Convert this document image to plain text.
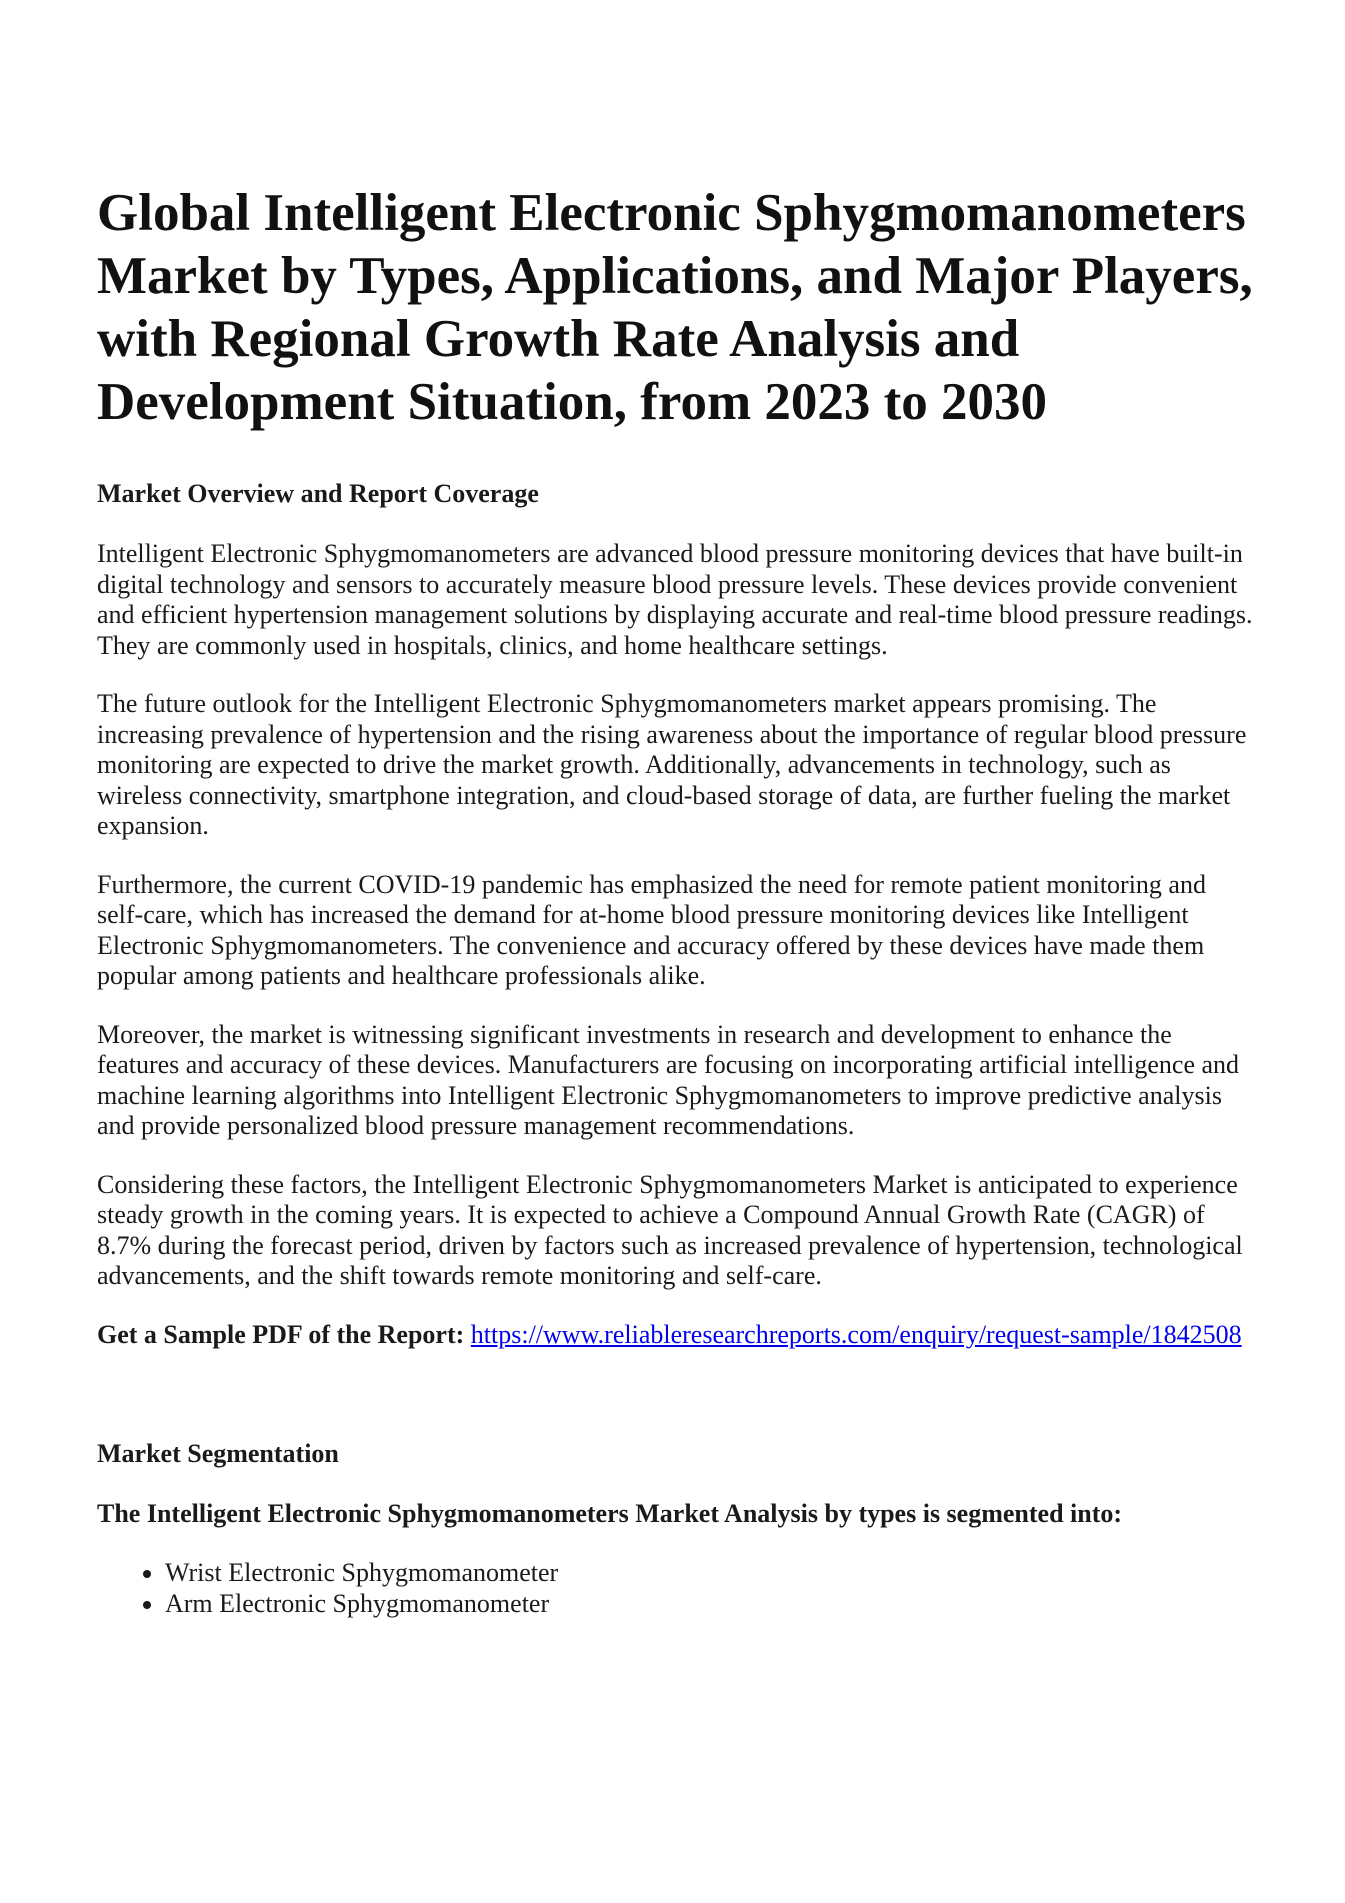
Global Intelligent Electronic Sphygmomanometers Market by Types, Applications, and Major Players, with Regional Growth Rate Analysis and Development Situation, from 2023 to 2030
Market Overview and Report Coverage

Intelligent Electronic Sphygmomanometers are advanced blood pressure monitoring devices that have built-in digital technology and sensors to accurately measure blood pressure levels. These devices provide convenient and efficient hypertension management solutions by displaying accurate and real-time blood pressure readings. They are commonly used in hospitals, clinics, and home healthcare settings.

The future outlook for the Intelligent Electronic Sphygmomanometers market appears promising. The increasing prevalence of hypertension and the rising awareness about the importance of regular blood pressure monitoring are expected to drive the market growth. Additionally, advancements in technology, such as wireless connectivity, smartphone integration, and cloud-based storage of data, are further fueling the market expansion.

Furthermore, the current COVID-19 pandemic has emphasized the need for remote patient monitoring and self-care, which has increased the demand for at-home blood pressure monitoring devices like Intelligent Electronic Sphygmomanometers. The convenience and accuracy offered by these devices have made them popular among patients and healthcare professionals alike.

Moreover, the market is witnessing significant investments in research and development to enhance the features and accuracy of these devices. Manufacturers are focusing on incorporating artificial intelligence and machine learning algorithms into Intelligent Electronic Sphygmomanometers to improve predictive analysis and provide personalized blood pressure management recommendations.

Considering these factors, the Intelligent Electronic Sphygmomanometers Market is anticipated to experience steady growth in the coming years. It is expected to achieve a Compound Annual Growth Rate (CAGR) of 8.7% during the forecast period, driven by factors such as increased prevalence of hypertension, technological advancements, and the shift towards remote monitoring and self-care.

Get a Sample PDF of the Report: https://www.reliableresearchreports.com/enquiry/request-sample/1842508

Market Segmentation
The Intelligent Electronic Sphygmomanometers Market Analysis by types is segmented into:
• Wrist Electronic Sphygmomanometer
• Arm Electronic Sphygmomanometer
